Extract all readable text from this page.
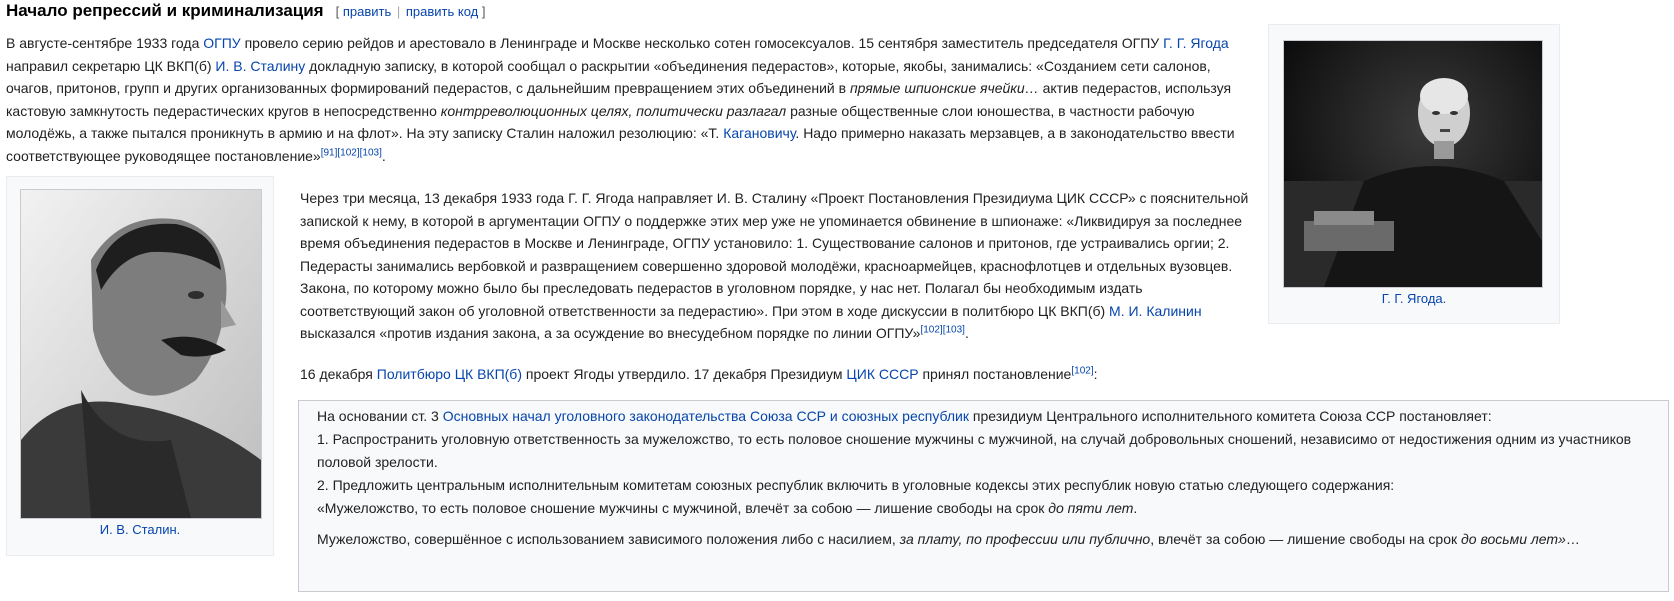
Начало репрессий и криминализация [ править | править код ]

В августе-сентябре 1933 года ОГПУ провело серию рейдов и арестовало в Ленинграде и Москве несколько сотен гомосексуалов. 15 сентября заместитель председателя ОГПУ Г. Г. Ягода направил секретарю ЦК ВКП(б) И. В. Сталину докладную записку, в которой сообщал о раскрытии «объединения педерастов», которые, якобы, занимались: «Созданием сети салонов, очагов, притонов, групп и других организованных формирований педерастов, с дальнейшим превращением этих объединений в прямые шпионские ячейки… актив педерастов, используя кастовую замкнутость педерастических кругов в непосредственно контрреволюционных целях, политически разлагал разные общественные слои юношества, в частности рабочую молодёжь, а также пытался проникнуть в армию и на флот». На эту записку Сталин наложил резолюцию: «Т. Кагановичу. Надо примерно наказать мерзавцев, а в законодательство ввести соответствующее руководящее постановление»[91][102][103].

Г. Г. Ягода.
И. В. Сталин.

Через три месяца, 13 декабря 1933 года Г. Г. Ягода направляет И. В. Сталину «Проект Постановления Президиума ЦИК СССР» с пояснительной запиской к нему, в которой в аргументации ОГПУ о поддержке этих мер уже не упоминается обвинение в шпионаже: «Ликвидируя за последнее время объединения педерастов в Москве и Ленинграде, ОГПУ установило: 1. Существование салонов и притонов, где устраивались оргии; 2. Педерасты занимались вербовкой и развращением совершенно здоровой молодёжи, красноармейцев, краснофлотцев и отдельных вузовцев. Закона, по которому можно было бы преследовать педерастов в уголовном порядке, у нас нет. Полагал бы необходимым издать соответствующий закон об уголовной ответственности за педерастию». При этом в ходе дискуссии в политбюро ЦК ВКП(б) М. И. Калинин высказался «против издания закона, а за осуждение во внесудебном порядке по линии ОГПУ»[102][103].

16 декабря Политбюро ЦК ВКП(б) проект Ягоды утвердило. 17 декабря Президиум ЦИК СССР принял постановление[102]:

На основании ст. 3 Основных начал уголовного законодательства Союза ССР и союзных республик президиум Центрального исполнительного комитета Союза ССР постановляет:

1. Распространить уголовную ответственность за мужеложство, то есть половое сношение мужчины с мужчиной, на случай добровольных сношений, независимо от недостижения одним из участников половой зрелости.

2. Предложить центральным исполнительным комитетам союзных республик включить в уголовные кодексы этих республик новую статью следующего содержания:

«Мужеложство, то есть половое сношение мужчины с мужчиной, влечёт за собою — лишение свободы на срок до пяти лет.

Мужеложство, совершённое с использованием зависимого положения либо с насилием, за плату, по профессии или публично, влечёт за собою — лишение свободы на срок до восьми лет»…
